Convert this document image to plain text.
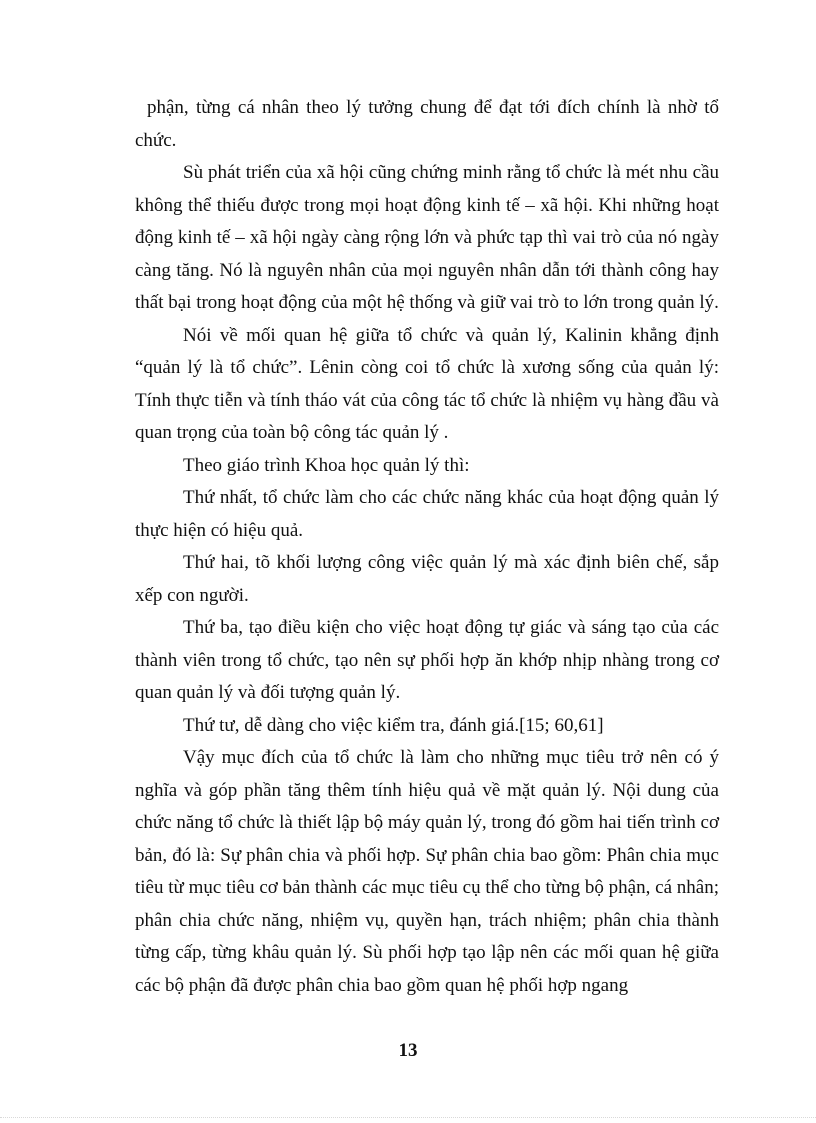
phận, từng cá nhân theo lý tưởng chung để đạt tới đích chính là nhờ tổ chức.

Sù phát triển của xã hội cũng chứng minh rằng tổ chức là mét nhu cầu không thể thiếu được trong mọi hoạt động kinh tế – xã hội. Khi những hoạt động kinh tế – xã hội ngày càng rộng lớn và phức tạp thì vai trò của nó ngày càng tăng. Nó là nguyên nhân của mọi nguyên nhân dẫn tới thành công hay thất bại trong hoạt động của một hệ thống và giữ vai trò to lớn trong quản lý.

Nói về mối quan hệ giữa tổ chức và quản lý, Kalinin khẳng định “quản lý là tổ chức”. Lênin còng coi tổ chức là xương sống của quản lý: Tính thực tiễn và tính tháo vát của công tác tổ chức là nhiệm vụ hàng đầu và quan trọng của toàn bộ công tác quản lý .

Theo giáo trình Khoa học quản lý thì:

Thứ nhất, tổ chức làm cho các chức năng khác của hoạt động quản lý thực hiện có hiệu quả.

Thứ hai, tõ khối lượng công việc quản lý mà xác định biên chế, sắp xếp con người.

Thứ ba, tạo điều kiện cho việc hoạt động tự giác và sáng tạo của các thành viên trong tổ chức, tạo nên sự phối hợp ăn khớp nhịp nhàng trong cơ quan quản lý và đối tượng quản lý.

Thứ tư, dễ dàng cho việc kiểm tra, đánh giá.[15; 60,61]

Vậy mục đích của tổ chức là làm cho những mục tiêu trở nên có ý nghĩa và góp phần tăng thêm tính hiệu quả về mặt quản lý. Nội dung của chức năng tổ chức là thiết lập bộ máy quản lý, trong đó gồm hai tiến trình cơ bản, đó là: Sự phân chia và phối hợp. Sự phân chia bao gồm: Phân chia mục tiêu từ mục tiêu cơ bản thành các mục tiêu cụ thể cho từng bộ phận, cá nhân; phân chia chức năng, nhiệm vụ, quyền hạn, trách nhiệm; phân chia thành từng cấp, từng khâu quản lý. Sù phối hợp tạo lập nên các mối quan hệ giữa các bộ phận đã được phân chia bao gồm quan hệ phối hợp ngang

13
